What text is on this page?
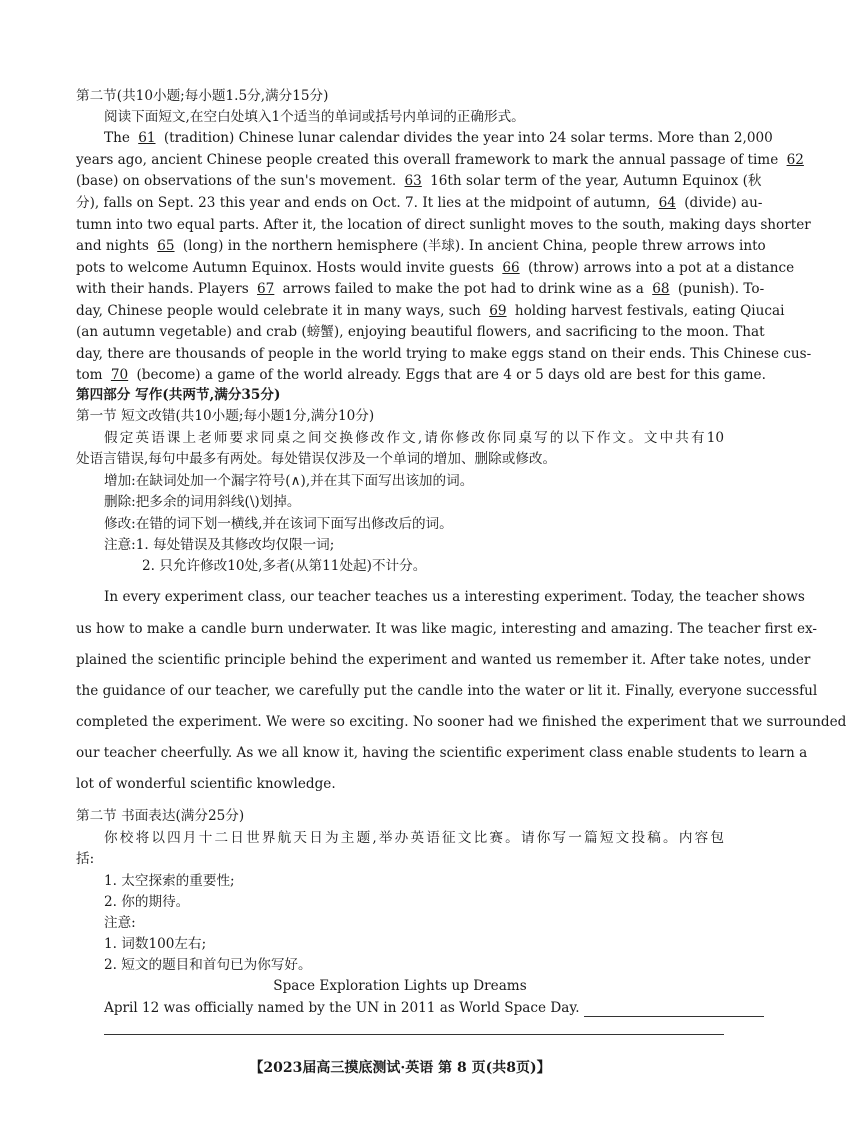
第二节(共10小题;每小题1.5分,满分15分)
阅读下面短文,在空白处填入1个适当的单词或括号内单词的正确形式。
The 61 (tradition) Chinese lunar calendar divides the year into 24 solar terms. More than 2,000
years ago, ancient Chinese people created this overall framework to mark the annual passage of time 62
(base) on observations of the sun's movement. 63 16th solar term of the year, Autumn Equinox (秋
分), falls on Sept. 23 this year and ends on Oct. 7. It lies at the midpoint of autumn, 64 (divide) au-
tumn into two equal parts. After it, the location of direct sunlight moves to the south, making days shorter
and nights 65 (long) in the northern hemisphere (半球). In ancient China, people threw arrows into
pots to welcome Autumn Equinox. Hosts would invite guests 66 (throw) arrows into a pot at a distance
with their hands. Players 67 arrows failed to make the pot had to drink wine as a 68 (punish). To-
day, Chinese people would celebrate it in many ways, such 69 holding harvest festivals, eating Qiucai
(an autumn vegetable) and crab (螃蟹), enjoying beautiful flowers, and sacrificing to the moon. That
day, there are thousands of people in the world trying to make eggs stand on their ends. This Chinese cus-
tom 70 (become) a game of the world already. Eggs that are 4 or 5 days old are best for this game.
第四部分 写作(共两节,满分35分)
第一节 短文改错(共10小题;每小题1分,满分10分)
假定英语课上老师要求同桌之间交换修改作文,请你修改你同桌写的以下作文。文中共有10
处语言错误,每句中最多有两处。每处错误仅涉及一个单词的增加、删除或修改。
增加:在缺词处加一个漏字符号(∧),并在其下面写出该加的词。
删除:把多余的词用斜线(\)划掉。
修改:在错的词下划一横线,并在该词下面写出修改后的词。
注意:1. 每处错误及其修改均仅限一词;
2. 只允许修改10处,多者(从第11处起)不计分。
In every experiment class, our teacher teaches us a interesting experiment. Today, the teacher shows
us how to make a candle burn underwater. It was like magic, interesting and amazing. The teacher first ex-
plained the scientific principle behind the experiment and wanted us remember it. After take notes, under
the guidance of our teacher, we carefully put the candle into the water or lit it. Finally, everyone successful
completed the experiment. We were so exciting. No sooner had we finished the experiment that we surrounded
our teacher cheerfully. As we all know it, having the scientific experiment class enable students to learn a
lot of wonderful scientific knowledge.
第二节 书面表达(满分25分)
你校将以四月十二日世界航天日为主题,举办英语征文比赛。请你写一篇短文投稿。内容包
括:
1. 太空探索的重要性;
2. 你的期待。
注意:
1. 词数100左右;
2. 短文的题目和首句已为你写好。
Space Exploration Lights up Dreams
April 12 was officially named by the UN in 2011 as World Space Day.
【2023届高三摸底测试·英语 第 8 页(共8页)】
